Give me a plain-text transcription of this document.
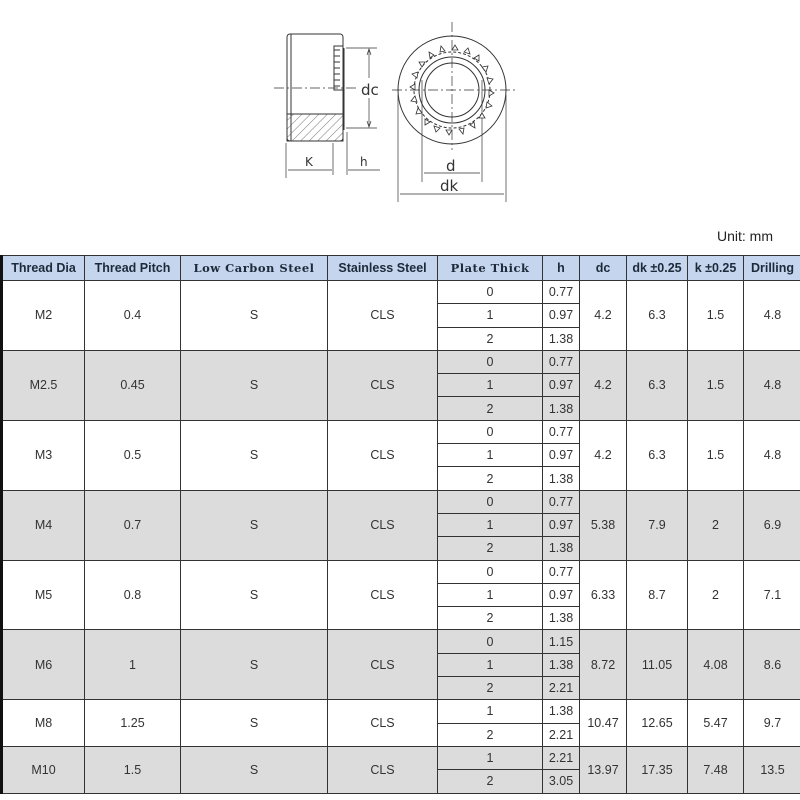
dc
K	h	d
dk
Unit: mm
Thread Dia	Thread Pitch	Low Carbon Steel	Stainless Steel	Plate Thick	h	dc	dk ±0.25	k ±0.25	Drilling
M2	0.4	S	CLS	0	0.77	4.2	6.3	1.5	4.8
				1	0.97				
				2	1.38				
M2.5	0.45	S	CLS	0	0.77	4.2	6.3	1.5	4.8
				1	0.97				
				2	1.38				
M3	0.5	S	CLS	0	0.77	4.2	6.3	1.5	4.8
				1	0.97				
				2	1.38				
M4	0.7	S	CLS	0	0.77	5.38	7.9	2	6.9
				1	0.97				
				2	1.38				
M5	0.8	S	CLS	0	0.77	6.33	8.7	2	7.1
				1	0.97				
				2	1.38				
M6	1	S	CLS	0	1.15	8.72	11.05	4.08	8.6
				1	1.38				
				2	2.21				
M8	1.25	S	CLS	1	1.38	10.47	12.65	5.47	9.7
				2	2.21				
M10	1.5	S	CLS	1	2.21	13.97	17.35	7.48	13.5
				2	3.05				
